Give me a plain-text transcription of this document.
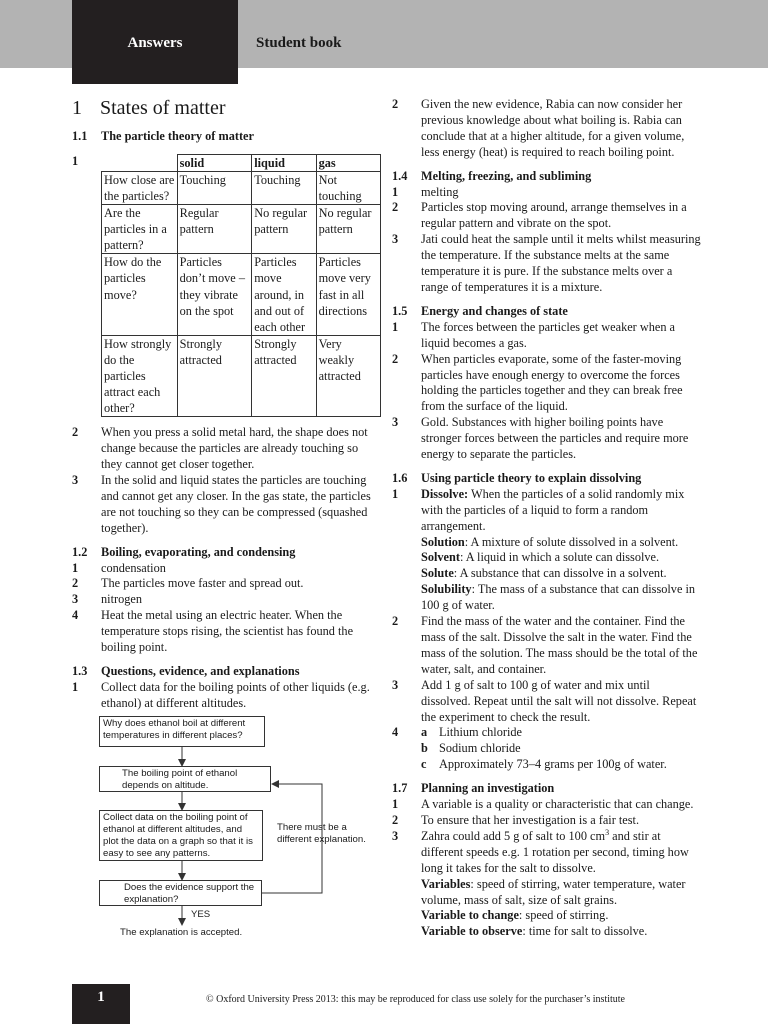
Answers	Student book
1 States of matter
1.1	The particle theory of matter
1
		solid	liquid	gas
How close are the particles?	Touching	Touching	Not touching
Are the particles in a pattern?	Regular pattern	No regular pattern	No regular pattern
How do the particles move?	Particles don’t move – they vibrate on the spot	Particles move around, in and out of each other	Particles move very fast in all directions
How strongly do the particles attract each other?	Strongly attracted	Strongly attracted	Very weakly attracted
2	When you press a solid metal hard, the shape does not change because the particles are already touching so they cannot get closer together.
3	In the solid and liquid states the particles are touching and cannot get any closer. In the gas state, the particles are not touching so they can be compressed (squashed together).
1.2	Boiling, evaporating, and condensing
1	condensation
2	The particles move faster and spread out.
3	nitrogen
4	Heat the metal using an electric heater. When the temperature stops rising, the scientist has found the boiling point.
1.3	Questions, evidence, and explanations
1	Collect data for the boiling points of other liquids (e.g. ethanol) at different altitudes.
Why does ethanol boil at different temperatures in different places?
The boiling point of ethanol depends on altitude.
Collect data on the boiling point of ethanol at different altitudes, and plot the data on a graph so that it is easy to see any patterns.
There must be a different explanation.
Does the evidence support the explanation?
YES
The explanation is accepted.
2	Given the new evidence, Rabia can now consider her previous knowledge about what boiling is. Rabia can conclude that at a higher altitude, for a given volume, less energy (heat) is required to reach boiling point.
1.4	Melting, freezing, and subliming
1	melting
2	Particles stop moving around, arrange themselves in a regular pattern and vibrate on the spot.
3	Jati could heat the sample until it melts whilst measuring the temperature. If the substance melts at the same temperature it is pure. If the substance melts over a range of temperatures it is a mixture.
1.5	Energy and changes of state
1	The forces between the particles get weaker when a liquid becomes a gas.
2	When particles evaporate, some of the faster-moving particles have enough energy to overcome the forces holding the particles together and they can break free from the surface of the liquid.
3	Gold. Substances with higher boiling points have stronger forces between the particles and require more energy to separate the particles.
1.6	Using particle theory to explain dissolving
1	Dissolve: When the particles of a solid randomly mix with the particles of a liquid to form a random arrangement.
Solution: A mixture of solute dissolved in a solvent.
Solvent: A liquid in which a solute can dissolve.
Solute: A substance that can dissolve in a solvent.
Solubility: The mass of a substance that can dissolve in 100 g of water.
2	Find the mass of the water and the container. Find the mass of the salt. Dissolve the salt in the water. Find the mass of the solution. The mass should be the total of the water, salt, and container.
3	Add 1 g of salt to 100 g of water and mix until dissolved. Repeat until the salt will not dissolve. Repeat the experiment to check the result.
4	a Lithium chloride
b Sodium chloride
c	Approximately 73–4 grams per 100g of water.
1.7	Planning an investigation
1	A variable is a quality or characteristic that can change.
2	To ensure that her investigation is a fair test.
3	Zahra could add 5 g of salt to 100 $cm^3$ and stir at different speeds e.g. 1 rotation per second, timing how long it takes for the salt to dissolve.
Variables: speed of stirring, water temperature, water volume, mass of salt, size of salt grains.
Variable to change: speed of stirring.
Variable to observe: time for salt to dissolve.
1	© Oxford University Press 2013: this may be reproduced for class use solely for the purchaser’s institute
